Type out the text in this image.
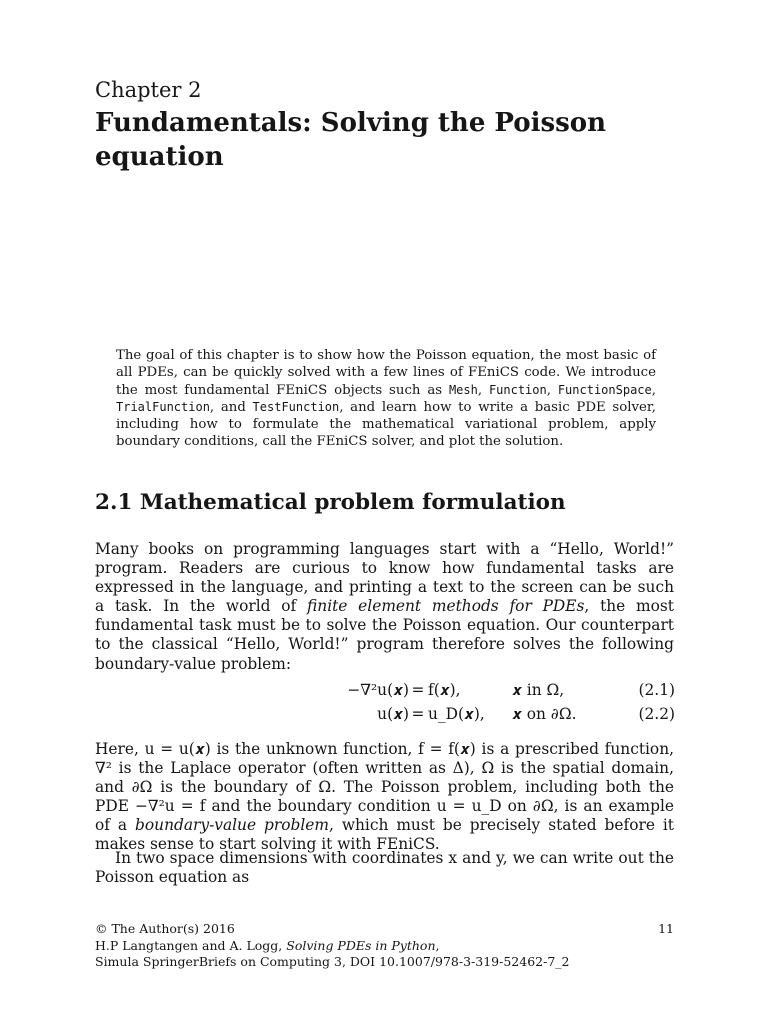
Chapter 2
Fundamentals: Solving the Poisson equation
The goal of this chapter is to show how the Poisson equation, the most basic of all PDEs, can be quickly solved with a few lines of FEniCS code. We introduce the most fundamental FEniCS objects such as Mesh, Function, FunctionSpace, TrialFunction, and TestFunction, and learn how to write a basic PDE solver, including how to formulate the mathematical variational problem, apply boundary conditions, call the FEniCS solver, and plot the solution.
2.1 Mathematical problem formulation
Many books on programming languages start with a “Hello, World!” program. Readers are curious to know how fundamental tasks are expressed in the language, and printing a text to the screen can be such a task. In the world of finite element methods for PDEs, the most fundamental task must be to solve the Poisson equation. Our counterpart to the classical “Hello, World!” program therefore solves the following boundary-value problem:
−∇²u(𝒙) = f(𝒙),	𝒙 in Ω,	(2.1)
u(𝒙) = u_D(𝒙), 𝒙 on ∂Ω.	(2.2)
Here, u = u(𝒙) is the unknown function, f = f(𝒙) is a prescribed function, ∇² is the Laplace operator (often written as Δ), Ω is the spatial domain, and ∂Ω is the boundary of Ω. The Poisson problem, including both the PDE −∇²u = f and the boundary condition u = u_D on ∂Ω, is an example of a boundary-value problem, which must be precisely stated before it makes sense to start solving it with FEniCS.
In two space dimensions with coordinates x and y, we can write out the Poisson equation as
© The Author(s) 2016	11
H.P Langtangen and A. Logg, Solving PDEs in Python,
Simula SpringerBriefs on Computing 3, DOI 10.1007/978-3-319-52462-7_2
